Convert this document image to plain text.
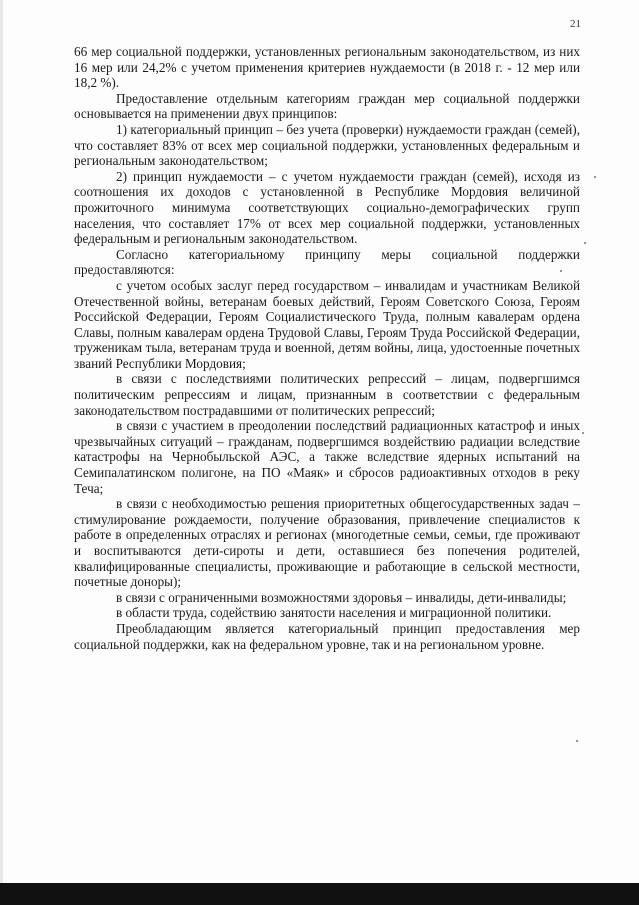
21

66 мер социальной поддержки, установленных региональным законодательством, из них 16 мер или 24,2% с учетом применения критериев нуждаемости (в 2018 г. - 12 мер или 18,2 %).

Предоставление отдельным категориям граждан мер социальной поддержки основывается на применении двух принципов:

1) категориальный принцип – без учета (проверки) нуждаемости граждан (семей), что составляет 83% от всех мер социальной поддержки, установленных федеральным и региональным законодательством;

2) принцип нуждаемости – с учетом нуждаемости граждан (семей), исходя из соотношения их доходов с установленной в Республике Мордовия величиной прожиточного минимума соответствующих социально-демографических групп населения, что составляет 17% от всех мер социальной поддержки, установленных федеральным и региональным законодательством.

Согласно категориальному принципу меры социальной поддержки предоставляются:

с учетом особых заслуг перед государством – инвалидам и участникам Великой Отечественной войны, ветеранам боевых действий, Героям Советского Союза, Героям Российской Федерации, Героям Социалистического Труда, полным кавалерам ордена Славы, полным кавалерам ордена Трудовой Славы, Героям Труда Российской Федерации, труженикам тыла, ветеранам труда и военной, детям войны, лица, удостоенные почетных званий Республики Мордовия;

в связи с последствиями политических репрессий – лицам, подвергшимся политическим репрессиям и лицам, признанным в соответствии с федеральным законодательством пострадавшими от политических репрессий;

в связи с участием в преодолении последствий радиационных катастроф и иных чрезвычайных ситуаций – гражданам, подвергшимся воздействию радиации вследствие катастрофы на Чернобыльской АЭС, а также вследствие ядерных испытаний на Семипалатинском полигоне, на ПО «Маяк» и сбросов радиоактивных отходов в реку Теча;

в связи с необходимостью решения приоритетных общегосударственных задач – стимулирование рождаемости, получение образования, привлечение специалистов к работе в определенных отраслях и регионах (многодетные семьи, семьи, где проживают и воспитываются дети-сироты и дети, оставшиеся без попечения родителей, квалифицированные специалисты, проживающие и работающие в сельской местности, почетные доноры);

в связи с ограниченными возможностями здоровья – инвалиды, дети-инвалиды;

в области труда, содействию занятости населения и миграционной политики.

Преобладающим является категориальный принцип предоставления мер социальной поддержки, как на федеральном уровне, так и на региональном уровне.
